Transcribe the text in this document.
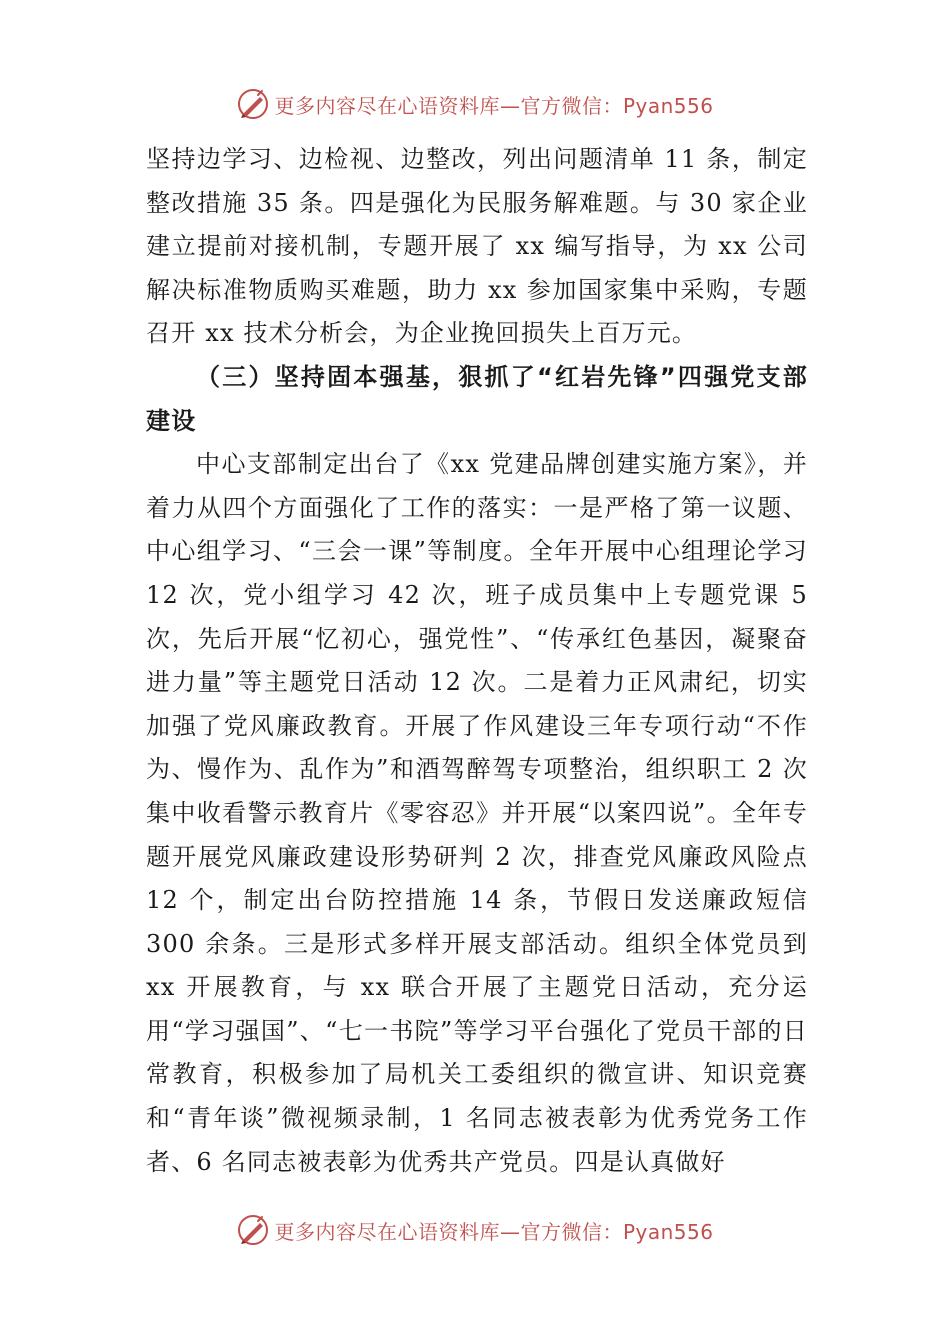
更多内容尽在心语资料库—官方微信：Pyan556

坚持边学习、边检视、边整改，列出问题清单 11 条，制定整改措施 35 条。四是强化为民服务解难题。与 30 家企业建立提前对接机制，专题开展了 xx 编写指导，为 xx 公司解决标准物质购买难题，助力 xx 参加国家集中采购，专题召开 xx 技术分析会，为企业挽回损失上百万元。

（三）坚持固本强基，狠抓了“红岩先锋”四强党支部建设

中心支部制定出台了《xx 党建品牌创建实施方案》，并着力从四个方面强化了工作的落实：一是严格了第一议题、中心组学习、“三会一课”等制度。全年开展中心组理论学习 12 次，党小组学习 42 次，班子成员集中上专题党课 5 次，先后开展“忆初心，强党性”、“传承红色基因，凝聚奋进力量”等主题党日活动 12 次。二是着力正风肃纪，切实加强了党风廉政教育。开展了作风建设三年专项行动“不作为、慢作为、乱作为”和酒驾醉驾专项整治，组织职工 2 次集中收看警示教育片《零容忍》并开展“以案四说”。全年专题开展党风廉政建设形势研判 2 次，排查党风廉政风险点 12 个，制定出台防控措施 14 条，节假日发送廉政短信 300 余条。三是形式多样开展支部活动。组织全体党员到 xx 开展教育，与 xx 联合开展了主题党日活动，充分运用“学习强国”、“七一书院”等学习平台强化了党员干部的日常教育，积极参加了局机关工委组织的微宣讲、知识竞赛和“青年谈”微视频录制，1 名同志被表彰为优秀党务工作者、6 名同志被表彰为优秀共产党员。四是认真做好

更多内容尽在心语资料库—官方微信：Pyan556
